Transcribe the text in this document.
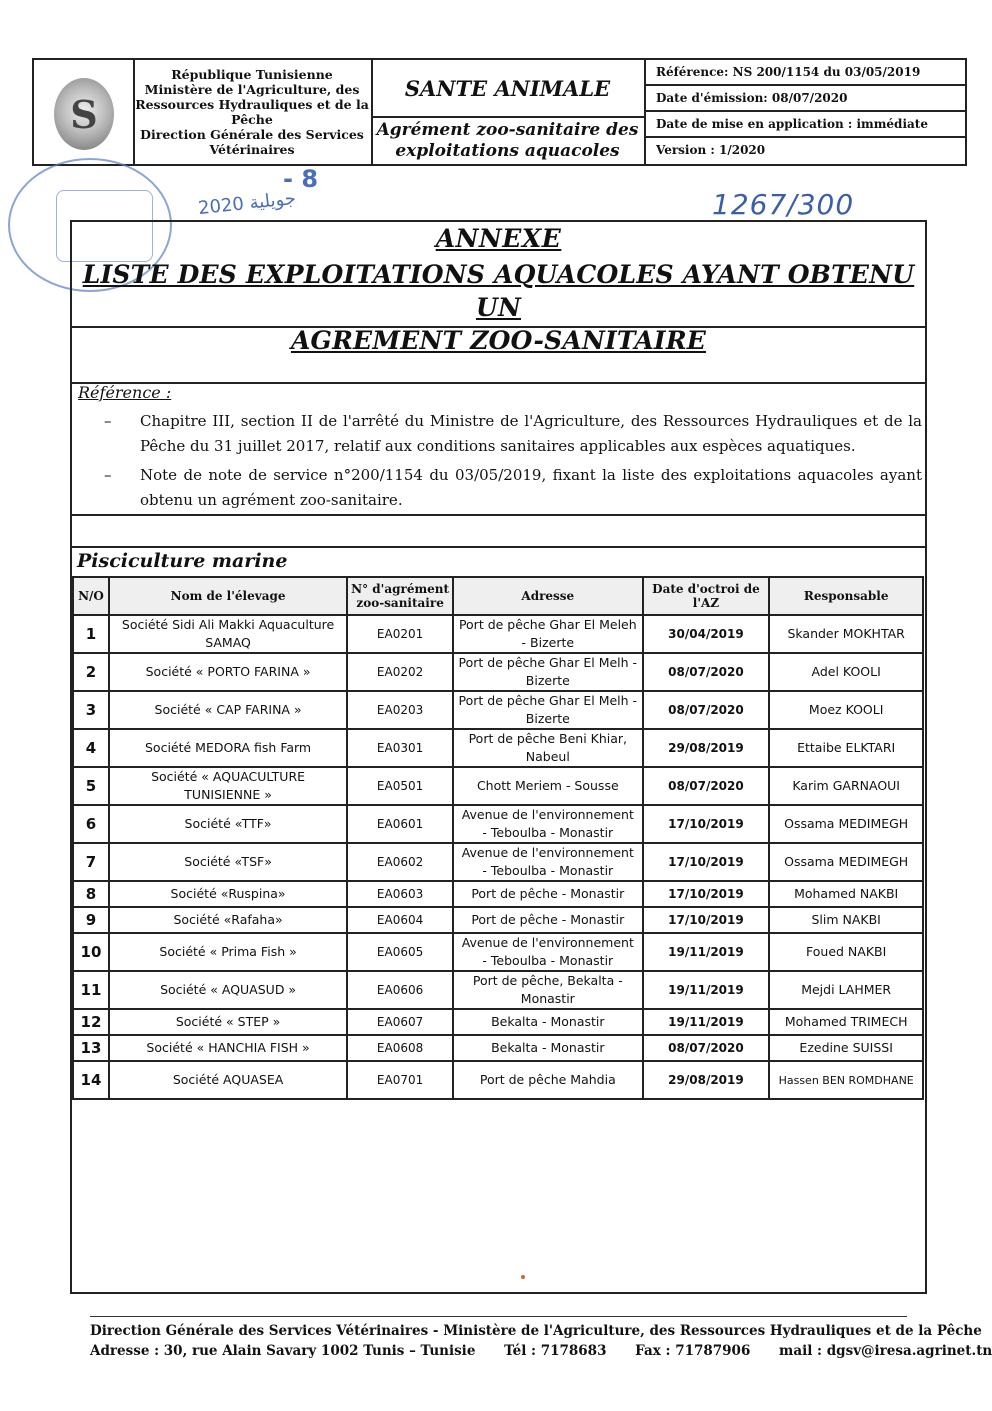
S
République Tunisienne
Ministère de l'Agriculture, des Ressources Hydrauliques et de la Pêche
Direction Générale des Services Vétérinaires
SANTE ANIMALE
Agrément zoo-sanitaire des exploitations aquacoles
Référence: NS 200/1154 du 03/05/2019
Date d'émission: 08/07/2020
Date de mise en application : immédiate
Version : 1/2020
2020 جويلية
- 8
1267/300
ANNEXE
LISTE DES EXPLOITATIONS AQUACOLES AYANT OBTENU UN
AGREMENT ZOO-SANITAIRE
Référence :
– Chapitre III, section II de l'arrêté du Ministre de l'Agriculture, des Ressources Hydrauliques et de la Pêche du 31 juillet 2017, relatif aux conditions sanitaires applicables aux espèces aquatiques.
– Note de note de service n°200/1154 du 03/05/2019, fixant la liste des exploitations aquacoles ayant obtenu un agrément zoo-sanitaire.
Pisciculture marine
N/O	Nom de l'élevage	N° d'agrément zoo-sanitaire	Adresse	Date d'octroi de l'AZ	Responsable
1	Société Sidi Ali Makki Aquaculture SAMAQ	EA0201	Port de pêche Ghar El Meleh - Bizerte	30/04/2019	Skander MOKHTAR
2	Société « PORTO FARINA »	EA0202	Port de pêche Ghar El Melh - Bizerte	08/07/2020	Adel KOOLI
3	Société « CAP FARINA »	EA0203	Port de pêche Ghar El Melh - Bizerte	08/07/2020	Moez KOOLI
4	Société MEDORA fish Farm	EA0301	Port de pêche Beni Khiar, Nabeul	29/08/2019	Ettaibe ELKTARI
5	Société « AQUACULTURE TUNISIENNE »	EA0501	Chott Meriem - Sousse	08/07/2020	Karim GARNAOUI
6	Société «TTF»	EA0601	Avenue de l'environnement - Teboulba - Monastir	17/10/2019	Ossama MEDIMEGH
7	Société «TSF»	EA0602	Avenue de l'environnement - Teboulba - Monastir	17/10/2019	Ossama MEDIMEGH
8	Société «Ruspina»	EA0603	Port de pêche - Monastir	17/10/2019	Mohamed NAKBI
9	Société «Rafaha»	EA0604	Port de pêche - Monastir	17/10/2019	Slim NAKBI
10	Société « Prima Fish »	EA0605	Avenue de l'environnement - Teboulba - Monastir	19/11/2019	Foued NAKBI
11	Société « AQUASUD »	EA0606	Port de pêche, Bekalta - Monastir	19/11/2019	Mejdi LAHMER
12	Société « STEP »	EA0607	Bekalta - Monastir	19/11/2019	Mohamed TRIMECH
13	Société « HANCHIA FISH »	EA0608	Bekalta - Monastir	08/07/2020	Ezedine SUISSI
14	Société AQUASEA	EA0701	Port de pêche Mahdia	29/08/2019	Hassen BEN ROMDHANE
Direction Générale des Services Vétérinaires - Ministère de l'Agriculture, des Ressources Hydrauliques et de la Pêche
Adresse : 30, rue Alain Savary 1002 Tunis – Tunisie Tél : 7178683 Fax : 71787906 mail : dgsv@iresa.agrinet.tn
